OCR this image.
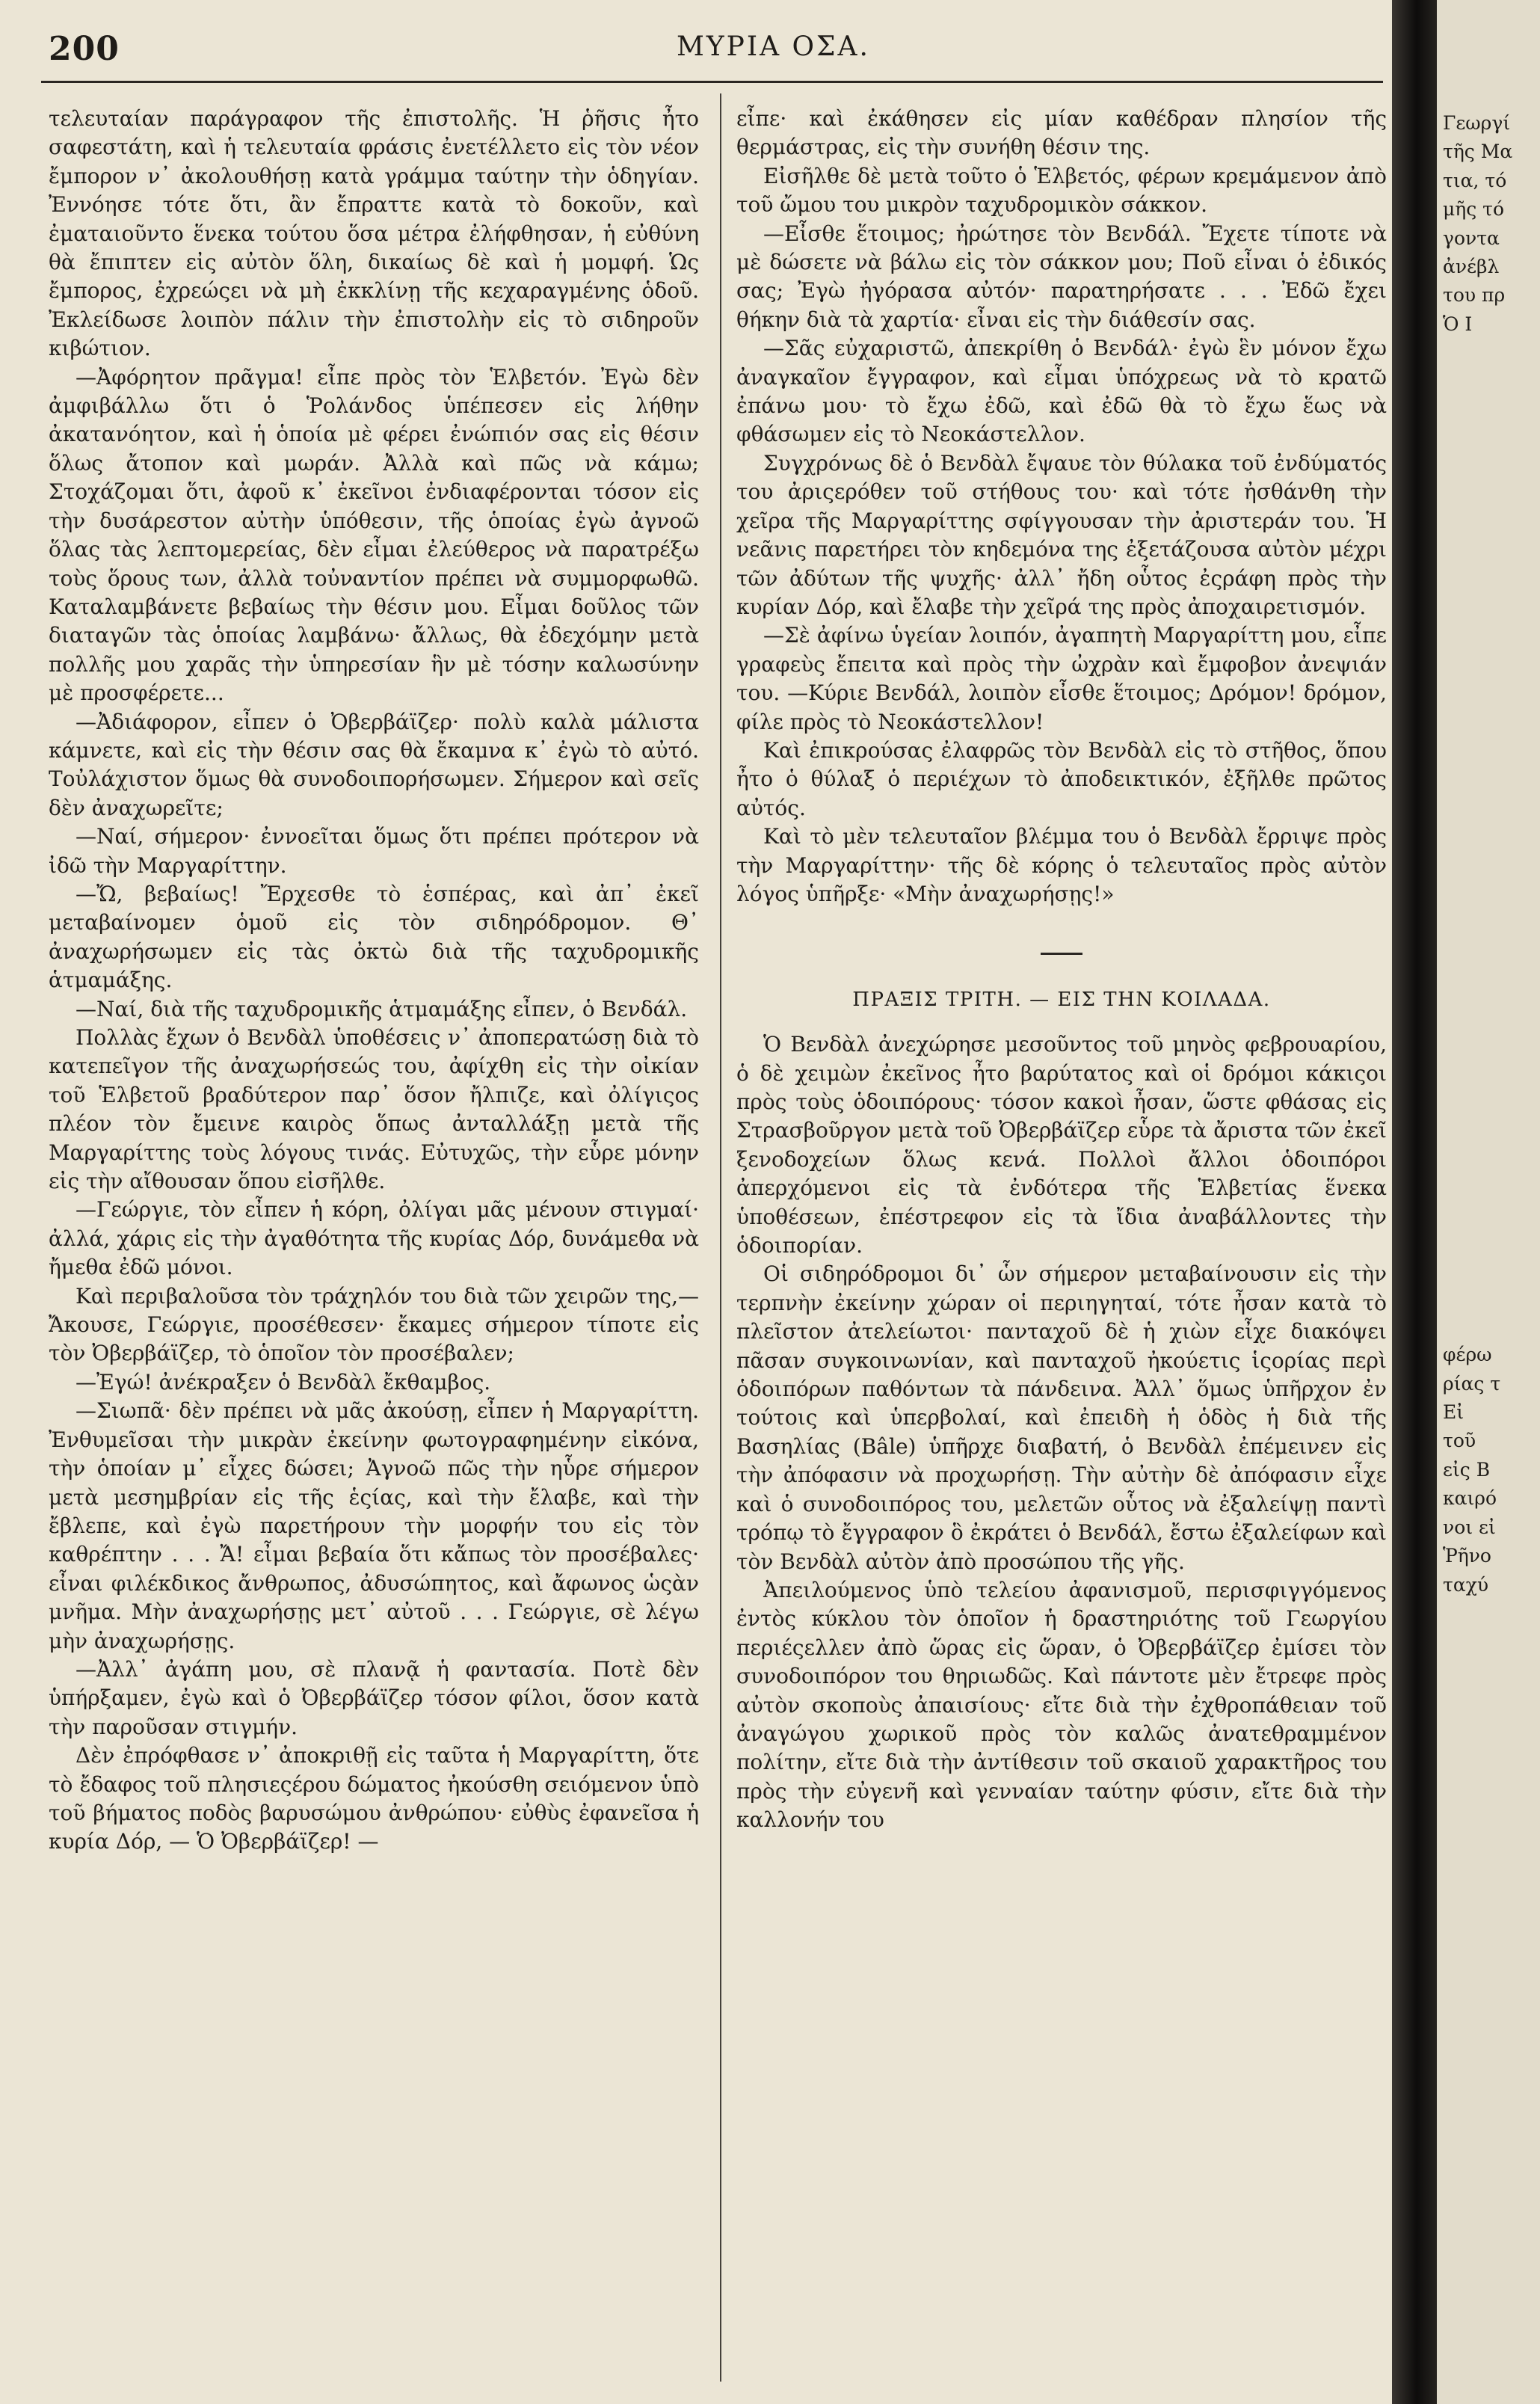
200	ΜΥΡΙΑ ΟΣΑ.

τελευταίαν παράγραφον τῆς ἐπιστολῆς. Ἡ ῥῆσις ἦτο σαφεστάτη, καὶ ἡ τελευταία φράσις ἐνετέλλετο εἰς τὸν νέον ἔμπορον ν᾽ ἀκολουθήσῃ κατὰ γράμμα ταύτην τὴν ὁδηγίαν. Ἐννόησε τότε ὅτι, ἂν ἔπραττε κατὰ τὸ δοκοῦν, καὶ ἐματαιοῦντο ἕνεκα τούτου ὅσα μέτρα ἐλήφθησαν, ἡ εὐθύνη θὰ ἔπιπτεν εἰς αὐτὸν ὅλη, δικαίως δὲ καὶ ἡ μομφή. Ὡς ἔμπορος, ἐχρεώςει νὰ μὴ ἐκκλίνῃ τῆς κεχαραγμένης ὁδοῦ. Ἐκλείδωσε λοιπὸν πάλιν τὴν ἐπιστολὴν εἰς τὸ σιδηροῦν κιβώτιον.

—Ἀφόρητον πρᾶγμα! εἶπε πρὸς τὸν Ἑλβετόν. Ἐγὼ δὲν ἀμφιβάλλω ὅτι ὁ Ῥολάνδος ὑπέπεσεν εἰς λήθην ἀκατανόητον, καὶ ἡ ὁποία μὲ φέρει ἐνώπιόν σας εἰς θέσιν ὅλως ἄτοπον καὶ μωράν. Ἀλλὰ καὶ πῶς νὰ κάμω; Στοχάζομαι ὅτι, ἀφοῦ κ᾽ ἐκεῖνοι ἐνδιαφέρονται τόσον εἰς τὴν δυσάρεστον αὐτὴν ὑπόθεσιν, τῆς ὁποίας ἐγὼ ἀγνοῶ ὅλας τὰς λεπτομερείας, δὲν εἶμαι ἐλεύθερος νὰ παρατρέξω τοὺς ὅρους των, ἀλλὰ τοὐναντίον πρέπει νὰ συμμορφωθῶ. Καταλαμβάνετε βεβαίως τὴν θέσιν μου. Εἶμαι δοῦλος τῶν διαταγῶν τὰς ὁποίας λαμβάνω· ἄλλως, θὰ ἐδεχόμην μετὰ πολλῆς μου χαρᾶς τὴν ὑπηρεσίαν ἣν μὲ τόσην καλωσύνην μὲ προσφέρετε...

—Ἀδιάφορον, εἶπεν ὁ Ὀβερβάϊζερ· πολὺ καλὰ μάλιστα κάμνετε, καὶ εἰς τὴν θέσιν σας θὰ ἔκαμνα κ᾽ ἐγὼ τὸ αὐτό. Τοὐλάχιστον ὅμως θὰ συνοδοιπορήσωμεν. Σήμερον καὶ σεῖς δὲν ἀναχωρεῖτε;

—Ναί, σήμερον· ἐννοεῖται ὅμως ὅτι πρέπει πρότερον νὰ ἰδῶ τὴν Μαργαρίττην.

—Ὤ, βεβαίως! Ἔρχεσθε τὸ ἑσπέρας, καὶ ἀπ᾽ ἐκεῖ μεταβαίνομεν ὁμοῦ εἰς τὸν σιδηρόδρομον. Θ᾽ ἀναχωρήσωμεν εἰς τὰς ὀκτὼ διὰ τῆς ταχυδρομικῆς ἁτμαμάξης.

—Ναί, διὰ τῆς ταχυδρομικῆς ἁτμαμάξης εἶπεν, ὁ Βενδάλ.

Πολλὰς ἔχων ὁ Βενδὰλ ὑποθέσεις ν᾽ ἀποπερατώσῃ διὰ τὸ κατεπεῖγον τῆς ἀναχωρήσεώς του, ἀφίχθη εἰς τὴν οἰκίαν τοῦ Ἑλβετοῦ βραδύτερον παρ᾽ ὅσον ἤλπιζε, καὶ ὀλίγιςος πλέον τὸν ἔμεινε καιρὸς ὅπως ἀνταλλάξῃ μετὰ τῆς Μαργαρίττης τοὺς λόγους τινάς. Εὐτυχῶς, τὴν εὗρε μόνην εἰς τὴν αἴθουσαν ὅπου εἰσῆλθε.

—Γεώργιε, τὸν εἶπεν ἡ κόρη, ὀλίγαι μᾶς μένουν στιγμαί· ἀλλά, χάρις εἰς τὴν ἀγαθότητα τῆς κυρίας Δόρ, δυνάμεθα νὰ ἤμεθα ἐδῶ μόνοι.

Καὶ περιβαλοῦσα τὸν τράχηλόν του διὰ τῶν χειρῶν της,—Ἄκουσε, Γεώργιε, προσέθεσεν· ἔκαμες σήμερον τίποτε εἰς τὸν Ὀβερβάϊζερ, τὸ ὁποῖον τὸν προσέβαλεν;

—Ἐγώ! ἀνέκραξεν ὁ Βενδὰλ ἔκθαμβος.

—Σιωπᾶ· δὲν πρέπει νὰ μᾶς ἀκούσῃ, εἶπεν ἡ Μαργαρίττη. Ἐνθυμεῖσαι τὴν μικρὰν ἐκείνην φωτογραφημένην εἰκόνα, τὴν ὁποίαν μ᾽ εἶχες δώσει; Ἀγνοῶ πῶς τὴν ηὗρε σήμερον μετὰ μεσημβρίαν εἰς τῆς ἑςίας, καὶ τὴν ἔλαβε, καὶ τὴν ἔβλεπε, καὶ ἐγὼ παρετήρουν τὴν μορφήν του εἰς τὸν καθρέπτην . . . Ἄ! εἶμαι βεβαία ὅτι κἄπως τὸν προσέβαλες· εἶναι φιλέκδικος ἄνθρωπος, ἀδυσώπητος, καὶ ἄφωνος ὡςὰν μνῆμα. Μὴν ἀναχωρήσῃς μετ᾽ αὐτοῦ . . . Γεώργιε, σὲ λέγω μὴν ἀναχωρήσῃς.

—Ἀλλ᾽ ἀγάπη μου, σὲ πλανᾷ ἡ φαντασία. Ποτὲ δὲν ὑπήρξαμεν, ἐγὼ καὶ ὁ Ὀβερβάϊζερ τόσον φίλοι, ὅσον κατὰ τὴν παροῦσαν στιγμήν.

Δὲν ἐπρόφθασε ν᾽ ἀποκριθῇ εἰς ταῦτα ἡ Μαργαρίττη, ὅτε τὸ ἔδαφος τοῦ πλησιεςέρου δώματος ἠκούσθη σειόμενον ὑπὸ τοῦ βήματος ποδὸς βαρυσώμου ἀνθρώπου· εὐθὺς ἐφανεῖσα ἡ κυρία Δόρ, — Ὁ Ὀβερβάϊζερ! —

εἶπε· καὶ ἐκάθησεν εἰς μίαν καθέδραν πλησίον τῆς θερμάστρας, εἰς τὴν συνήθη θέσιν της.

Εἰσῆλθε δὲ μετὰ τοῦτο ὁ Ἑλβετός, φέρων κρεμάμενον ἀπὸ τοῦ ὤμου του μικρὸν ταχυδρομικὸν σάκκον.

—Εἶσθε ἕτοιμος; ἠρώτησε τὸν Βενδάλ. Ἔχετε τίποτε νὰ μὲ δώσετε νὰ βάλω εἰς τὸν σάκκον μου; Ποῦ εἶναι ὁ ἐδικός σας; Ἐγὼ ἠγόρασα αὐτόν· παρατηρήσατε . . . Ἐδῶ ἔχει θήκην διὰ τὰ χαρτία· εἶναι εἰς τὴν διάθεσίν σας.

—Σᾶς εὐχαριστῶ, ἀπεκρίθη ὁ Βενδάλ· ἐγὼ ἓν μόνον ἔχω ἀναγκαῖον ἔγγραφον, καὶ εἶμαι ὑπόχρεως νὰ τὸ κρατῶ ἐπάνω μου· τὸ ἔχω ἐδῶ, καὶ ἐδῶ θὰ τὸ ἔχω ἕως νὰ φθάσωμεν εἰς τὸ Νεοκάστελλον.

Συγχρόνως δὲ ὁ Βενδὰλ ἔψαυε τὸν θύλακα τοῦ ἐνδύματός του ἀριςερόθεν τοῦ στήθους του· καὶ τότε ἠσθάνθη τὴν χεῖρα τῆς Μαργαρίττης σφίγγουσαν τὴν ἀριστεράν του. Ἡ νεᾶνις παρετήρει τὸν κηδεμόνα της ἐξετάζουσα αὐτὸν μέχρι τῶν ἀδύτων τῆς ψυχῆς· ἀλλ᾽ ἤδη οὗτος ἐςράφη πρὸς τὴν κυρίαν Δόρ, καὶ ἔλαβε τὴν χεῖρά της πρὸς ἀποχαιρετισμόν.

—Σὲ ἀφίνω ὑγείαν λοιπόν, ἀγαπητὴ Μαργαρίττη μου, εἶπε γραφεὺς ἔπειτα καὶ πρὸς τὴν ὠχρὰν καὶ ἔμφοβον ἀνεψιάν του. —Κύριε Βενδάλ, λοιπὸν εἶσθε ἕτοιμος; Δρόμον! δρόμον, φίλε πρὸς τὸ Νεοκάστελλον!

Καὶ ἐπικρούσας ἐλαφρῶς τὸν Βενδὰλ εἰς τὸ στῆθος, ὅπου ἦτο ὁ θύλαξ ὁ περιέχων τὸ ἀποδεικτικόν, ἐξῆλθε πρῶτος αὐτός.

Καὶ τὸ μὲν τελευταῖον βλέμμα του ὁ Βενδὰλ ἔρριψε πρὸς τὴν Μαργαρίττην· τῆς δὲ κόρης ὁ τελευταῖος πρὸς αὐτὸν λόγος ὑπῆρξε· «Μὴν ἀναχωρήσῃς!»

ΠΡΑΞΙΣ ΤΡΙΤΗ. — ΕΙΣ ΤΗΝ ΚΟΙΛΑΔΑ.

Ὁ Βενδὰλ ἀνεχώρησε μεσοῦντος τοῦ μηνὸς φεβρουαρίου, ὁ δὲ χειμὼν ἐκεῖνος ἦτο βαρύτατος καὶ οἱ δρόμοι κάκιςοι πρὸς τοὺς ὁδοιπόρους· τόσον κακοὶ ἦσαν, ὥστε φθάσας εἰς Στρασβοῦργον μετὰ τοῦ Ὀβερβάϊζερ εὗρε τὰ ἄριστα τῶν ἐκεῖ ξενοδοχείων ὅλως κενά. Πολλοὶ ἄλλοι ὁδοιπόροι ἀπερχόμενοι εἰς τὰ ἐνδότερα τῆς Ἑλβετίας ἕνεκα ὑποθέσεων, ἐπέστρεφον εἰς τὰ ἴδια ἀναβάλλοντες τὴν ὁδοιπορίαν.

Οἱ σιδηρόδρομοι δι᾽ ὧν σήμερον μεταβαίνουσιν εἰς τὴν τερπνὴν ἐκείνην χώραν οἱ περιηγηταί, τότε ἦσαν κατὰ τὸ πλεῖστον ἀτελείωτοι· πανταχοῦ δὲ ἡ χιὼν εἶχε διακόψει πᾶσαν συγκοινωνίαν, καὶ πανταχοῦ ἠκούετις ἱςορίας περὶ ὁδοιπόρων παθόντων τὰ πάνδεινα. Ἀλλ᾽ ὅμως ὑπῆρχον ἐν τούτοις καὶ ὑπερβολαί, καὶ ἐπειδὴ ἡ ὁδὸς ἡ διὰ τῆς Βασηλίας (Bâle) ὑπῆρχε διαβατή, ὁ Βενδὰλ ἐπέμεινεν εἰς τὴν ἀπόφασιν νὰ προχωρήσῃ. Τὴν αὐτὴν δὲ ἀπόφασιν εἶχε καὶ ὁ συνοδοιπόρος του, μελετῶν οὗτος νὰ ἐξαλείψῃ παντὶ τρόπῳ τὸ ἔγγραφον ὃ ἐκράτει ὁ Βενδάλ, ἔστω ἐξαλείφων καὶ τὸν Βενδὰλ αὐτὸν ἀπὸ προσώπου τῆς γῆς.

Ἀπειλούμενος ὑπὸ τελείου ἀφανισμοῦ, περισφιγγόμενος ἐντὸς κύκλου τὸν ὁποῖον ἡ δραστηριότης τοῦ Γεωργίου περιέςελλεν ἀπὸ ὥρας εἰς ὥραν, ὁ Ὀβερβάϊζερ ἐμίσει τὸν συνοδοιπόρον του θηριωδῶς. Καὶ πάντοτε μὲν ἔτρεφε πρὸς αὐτὸν σκοποὺς ἀπαισίους· εἴτε διὰ τὴν ἐχθροπάθειαν τοῦ ἀναγώγου χωρικοῦ πρὸς τὸν καλῶς ἀνατεθραμμένον πολίτην, εἴτε διὰ τὴν ἀντίθεσιν τοῦ σκαιοῦ χαρακτῆρος του πρὸς τὴν εὐγενῆ καὶ γενναίαν ταύτην φύσιν, εἴτε διὰ τὴν καλλονήν του

Γεωργί
τῆς Μα
τια, τό
μῆς τό
γοντα
ἀνέβλ
του πρ
Ὁ Ι
φέρω
ρίας τ
Εἰ
τοῦ
εἰς Β
καιρό
νοι εἰ
Ῥῆνο
ταχύ
